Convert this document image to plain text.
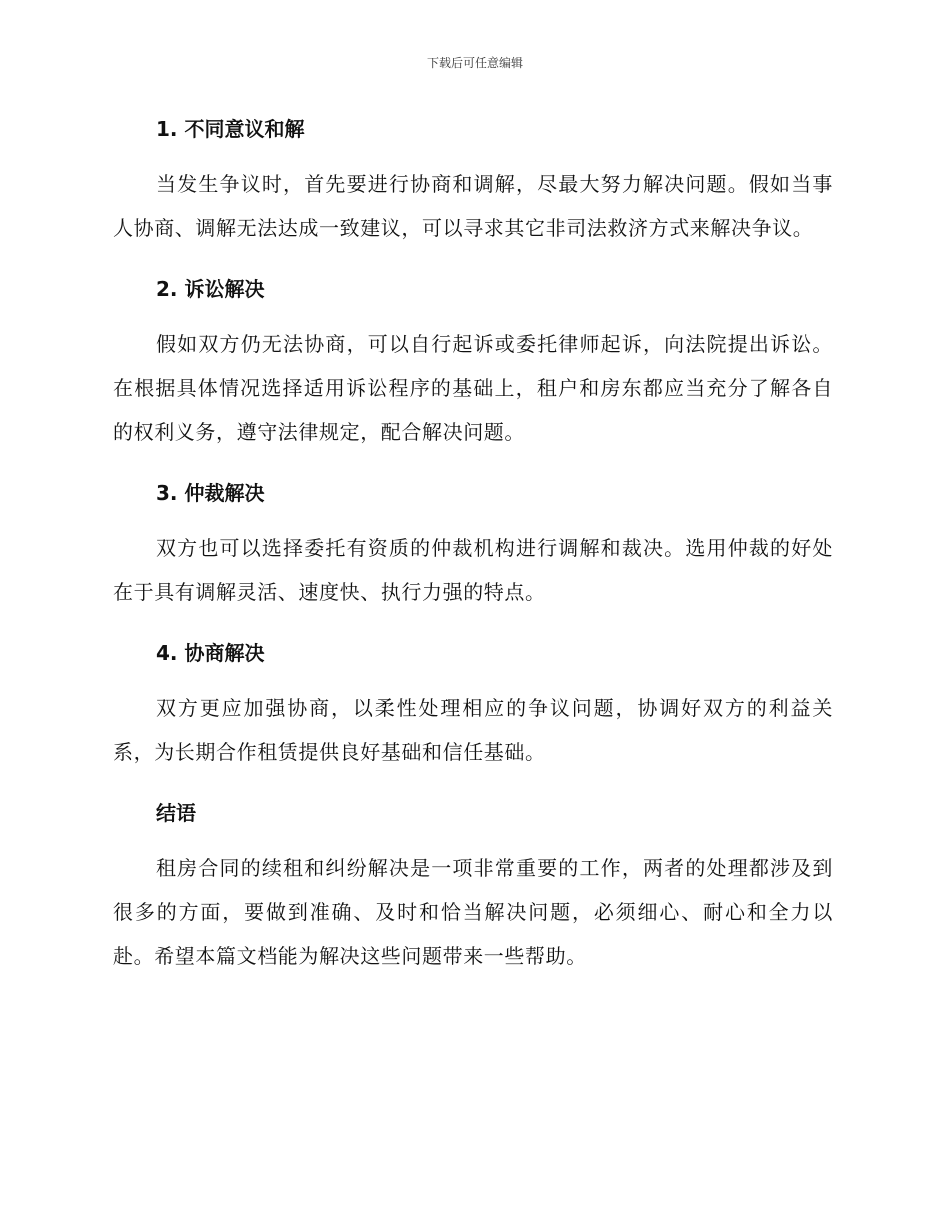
下载后可任意编辑
1. 不同意议和解

当发生争议时，首先要进行协商和调解，尽最大努力解决问题。假如当事人协商、调解无法达成一致建议，可以寻求其它非司法救济方式来解决争议。

2. 诉讼解决

假如双方仍无法协商，可以自行起诉或委托律师起诉，向法院提出诉讼。在根据具体情况选择适用诉讼程序的基础上，租户和房东都应当充分了解各自的权利义务，遵守法律规定，配合解决问题。

3. 仲裁解决

双方也可以选择委托有资质的仲裁机构进行调解和裁决。选用仲裁的好处在于具有调解灵活、速度快、执行力强的特点。

4. 协商解决

双方更应加强协商，以柔性处理相应的争议问题，协调好双方的利益关系，为长期合作租赁提供良好基础和信任基础。

结语

租房合同的续租和纠纷解决是一项非常重要的工作，两者的处理都涉及到很多的方面，要做到准确、及时和恰当解决问题，必须细心、耐心和全力以赴。希望本篇文档能为解决这些问题带来一些帮助。
